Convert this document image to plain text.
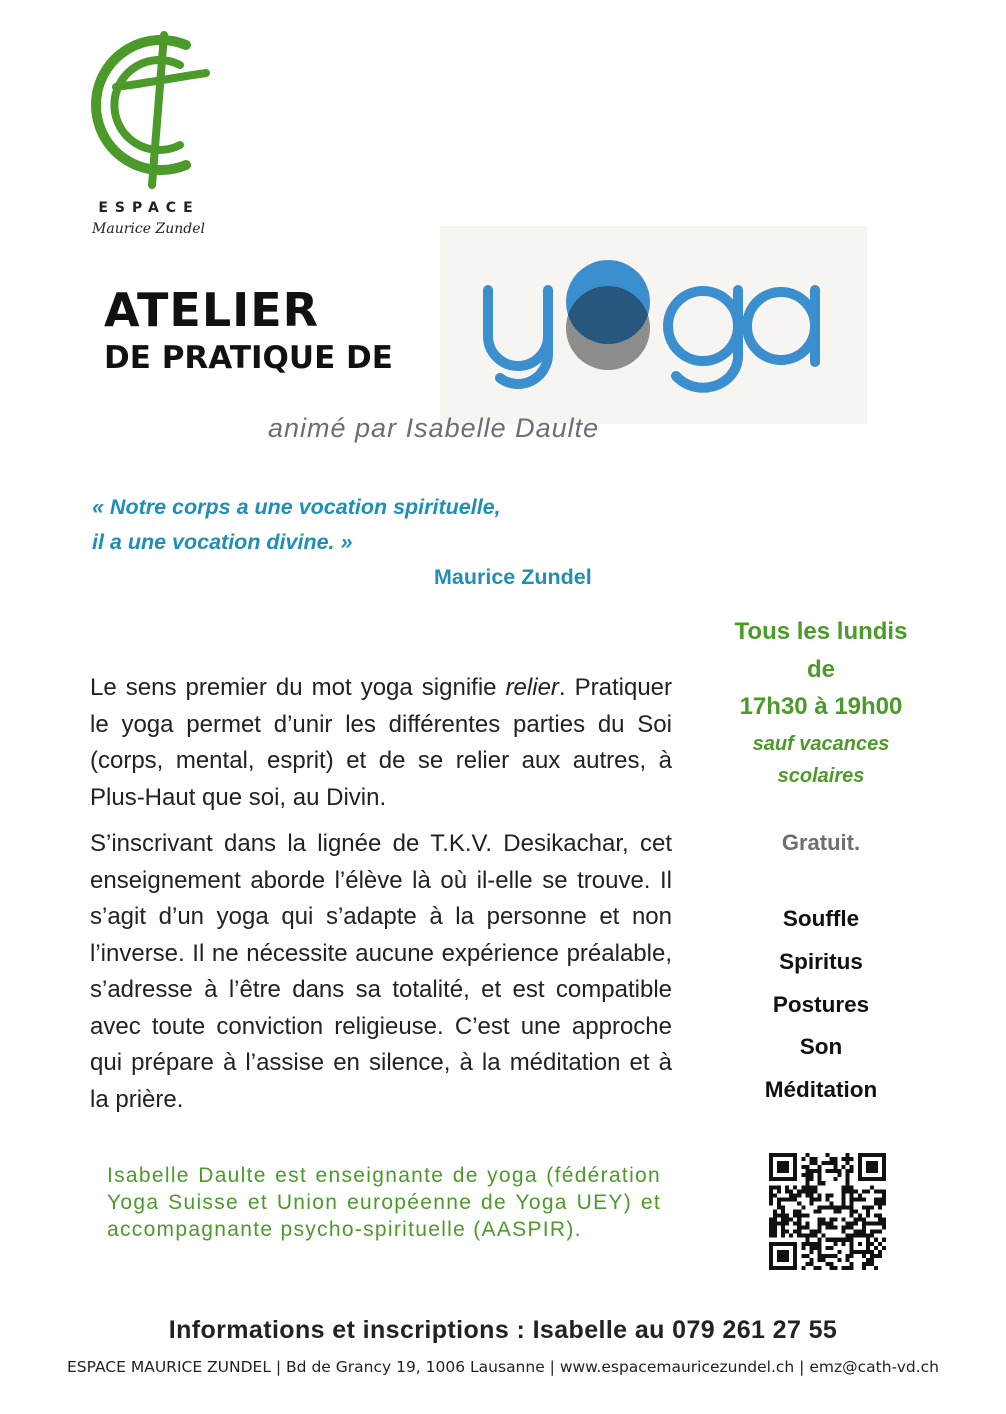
ESPACE
Maurice Zundel
ATELIER
DE PRATIQUE DE
animé par Isabelle Daulte
« Notre corps a une vocation spirituelle,
il a une vocation divine. »
Maurice Zundel

Le sens premier du mot yoga signifie relier. Pratiquer le yoga permet d’unir les différentes parties du Soi (corps, mental, esprit) et de se relier aux autres, à Plus-Haut que soi, au Divin.

S’inscrivant dans la lignée de T.K.V. Desikachar, cet enseignement aborde l’élève là où il-elle se trouve. Il s’agit d’un yoga qui s’adapte à la personne et non l’inverse. Il ne nécessite aucune expérience préalable, s’adresse à l’être dans sa totalité, et est compatible avec toute conviction religieuse. C’est une approche qui prépare à l’assise en silence, à la méditation et à la prière.

Isabelle Daulte est enseignante de yoga (fédération Yoga Suisse et Union européenne de Yoga UEY) et accompagnante psycho-spirituelle (AASPIR).
Tous les lundis
de
17h30 à 19h00
sauf vacances
scolaires
Gratuit.
Souffle
Spiritus
Postures
Son
Méditation
Informations et inscriptions : Isabelle au 079 261 27 55
ESPACE MAURICE ZUNDEL | Bd de Grancy 19, 1006 Lausanne | www.espacemauricezundel.ch | emz@cath-vd.ch
